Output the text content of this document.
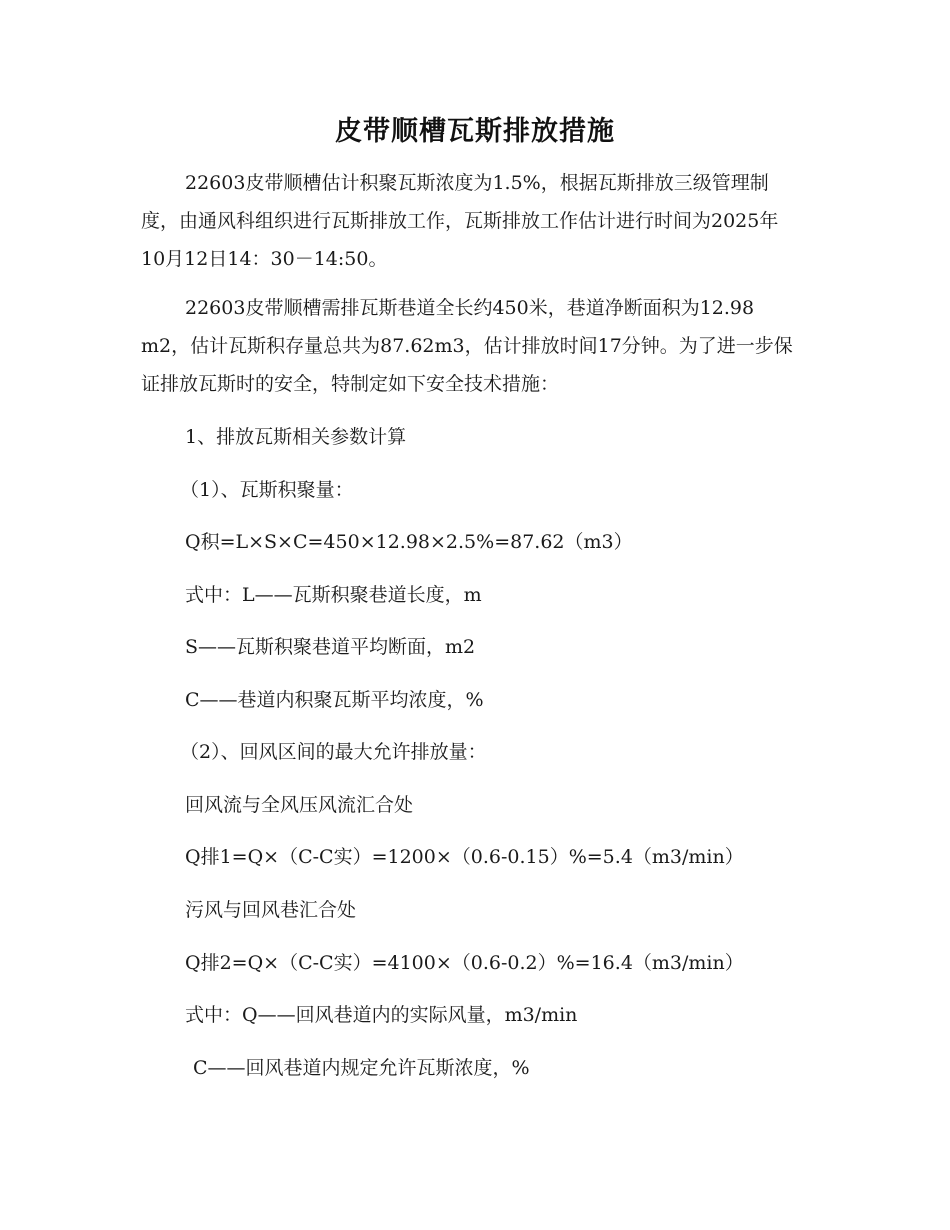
皮带顺槽瓦斯排放措施

22603皮带顺槽估计积聚瓦斯浓度为1.5%，根据瓦斯排放三级管理制度，由通风科组织进行瓦斯排放工作，瓦斯排放工作估计进行时间为2025年10月12日14：30－14:50。

22603皮带顺槽需排瓦斯巷道全长约450米，巷道净断面积为12.98 m2，估计瓦斯积存量总共为87.62m3，估计排放时间17分钟。为了进一步保证排放瓦斯时的安全，特制定如下安全技术措施：

1、排放瓦斯相关参数计算

（1）、瓦斯积聚量：

Q积=L×S×C=450×12.98×2.5%=87.62（m3）

式中：L——瓦斯积聚巷道长度，m

S——瓦斯积聚巷道平均断面，m2

C——巷道内积聚瓦斯平均浓度，%

（2）、回风区间的最大允许排放量：

回风流与全风压风流汇合处

Q排1=Q×（C-C实）=1200×（0.6-0.15）%=5.4（m3/min）

污风与回风巷汇合处

Q排2=Q×（C-C实）=4100×（0.6-0.2）%=16.4（m3/min）

式中：Q——回风巷道内的实际风量，m3/min

C——回风巷道内规定允许瓦斯浓度，%
